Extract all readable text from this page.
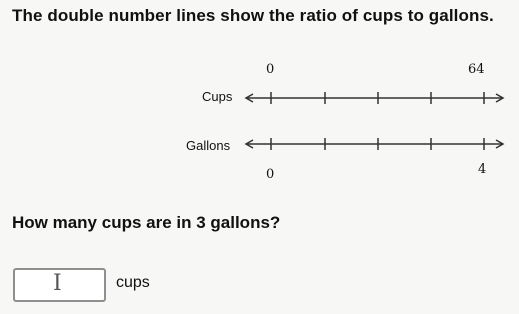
The double number lines show the ratio of cups to gallons.
Cups
Gallons
0	64
0	4
How many cups are in 3 gallons?
I	cups
